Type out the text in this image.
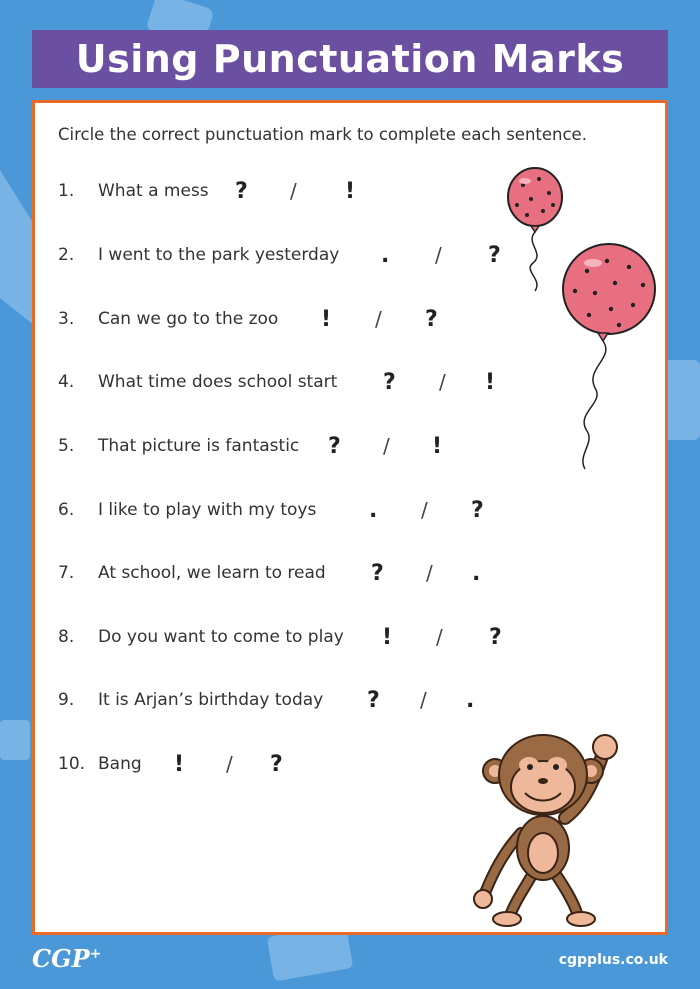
Using Punctuation Marks
Circle the correct punctuation mark to complete each sentence.
1.	What a mess ?	/	!
2.	I went to the park yesterday .	/	?
3.	Can we go to the zoo !	/	?
4.	What time does school start ?	/	!
5.	That picture is fantastic ?	/	!
6.	I like to play with my toys .	/	?
7.	At school, we learn to read ?	/	.
8.	Do you want to come to play !	/	?
9.	It is Arjan’s birthday today ?	/	.
10. Bang !	/	?
CGP+	cgpplus.co.uk
